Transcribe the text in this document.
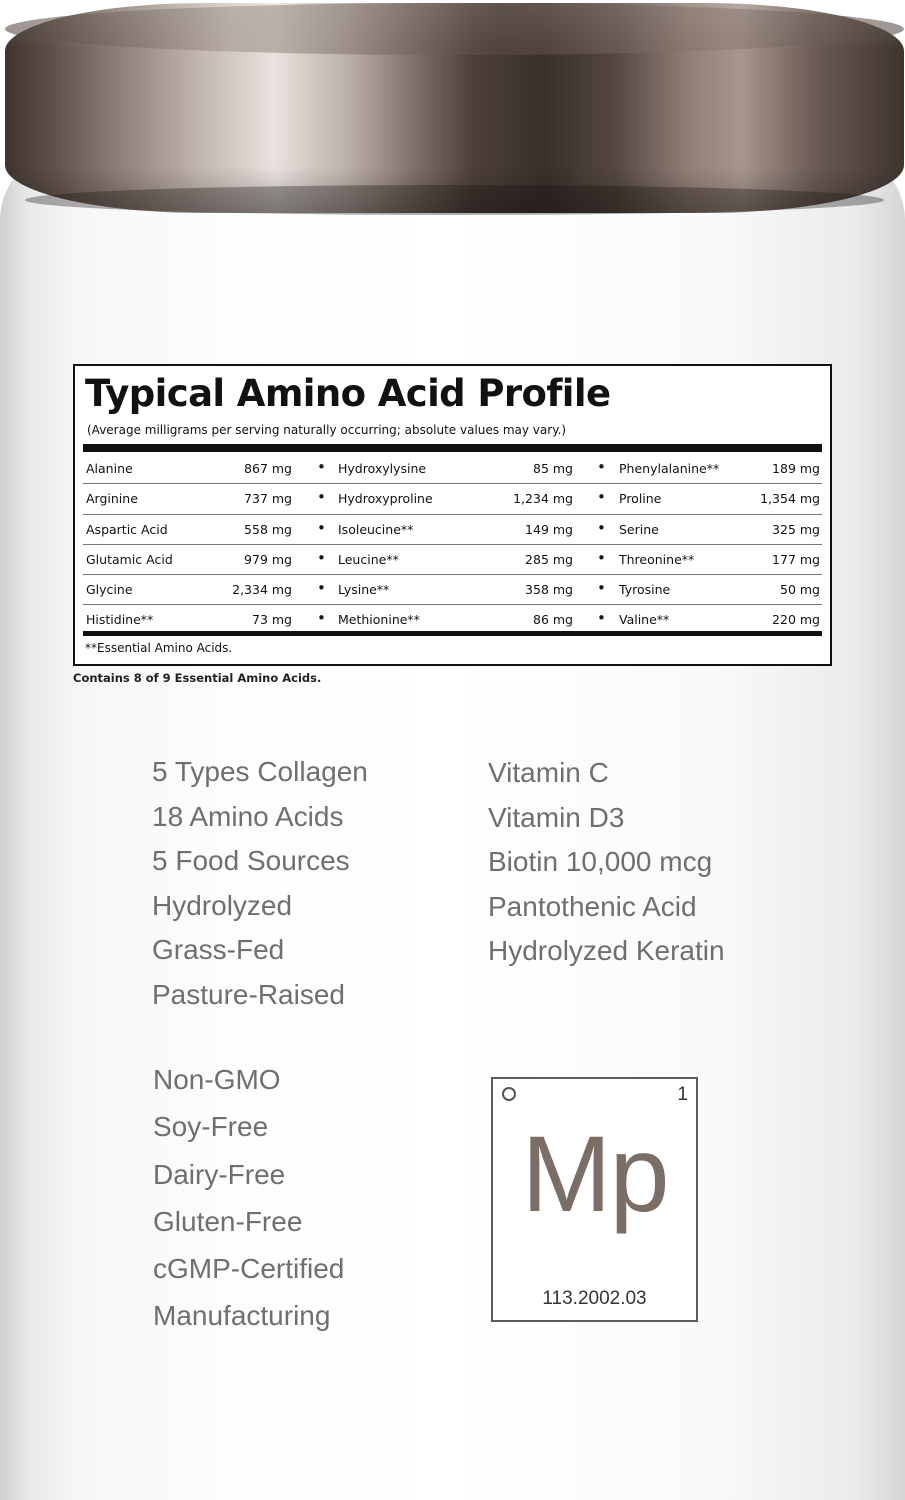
Typical Amino Acid Profile
(Average milligrams per serving naturally occurring; absolute values may vary.)
Alanine	867 mg • Hydroxylysine	85 mg • Phenylalanine**	189 mg
Arginine	737 mg • Hydroxyproline	1,234 mg • Proline	1,354 mg
Aspartic Acid	558 mg • Isoleucine**	149 mg • Serine	325 mg
Glutamic Acid	979 mg • Leucine**	285 mg • Threonine**	177 mg
Glycine	2,334 mg • Lysine**	358 mg • Tyrosine	50 mg
Histidine**	73 mg • Methionine**	86 mg • Valine**	220 mg
**Essential Amino Acids.
Contains 8 of 9 Essential Amino Acids.
5 Types Collagen
18 Amino Acids
5 Food Sources
Hydrolyzed
Grass-Fed
Pasture-Raised
Vitamin C
Vitamin D3
Biotin 10,000 mcg
Pantothenic Acid
Hydrolyzed Keratin
Non-GMO
Soy-Free
Dairy-Free
Gluten-Free
cGMP-Certified
Manufacturing
1
Mp
113.2002.03
